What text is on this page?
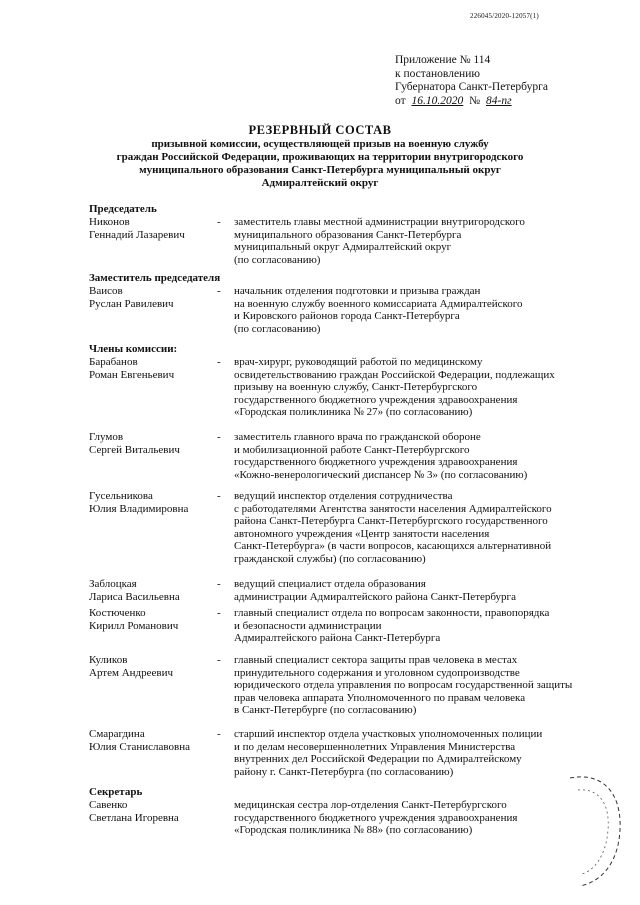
226045/2020-12057(1)
Приложение № 114
к постановлению
Губернатора Санкт-Петербурга
от 16.10.2020 № 84-пг
РЕЗЕРВНЫЙ СОСТАВ
призывной комиссии, осуществляющей призыв на военную службу
граждан Российской Федерации, проживающих на территории внутригородского
муниципального образования Санкт-Петербурга муниципальный округ
Адмиралтейский округ
Председатель
Никонов
Геннадий Лазаревич
- заместитель главы местной администрации внутригородского
муниципального образования Санкт-Петербурга
муниципальный округ Адмиралтейский округ
(по согласованию)
Заместитель председателя
Ваисов
Руслан Равилевич
- начальник отделения подготовки и призыва граждан
на военную службу военного комиссариата Адмиралтейского
и Кировского районов города Санкт-Петербурга
(по согласованию)
Члены комиссии:
Барабанов
Роман Евгеньевич
- врач-хирург, руководящий работой по медицинскому
освидетельствованию граждан Российской Федерации, подлежащих
призыву на военную службу, Санкт-Петербургского
государственного бюджетного учреждения здравоохранения
«Городская поликлиника № 27» (по согласованию)
Глумов
Сергей Витальевич
- заместитель главного врача по гражданской обороне
и мобилизационной работе Санкт-Петербургского
государственного бюджетного учреждения здравоохранения
«Кожно-венерологический диспансер № 3» (по согласованию)
Гусельникова
Юлия Владимировна
- ведущий инспектор отделения сотрудничества
с работодателями Агентства занятости населения Адмиралтейского
района Санкт-Петербурга Санкт-Петербургского государственного
автономного учреждения «Центр занятости населения
Санкт-Петербурга» (в части вопросов, касающихся альтернативной
гражданской службы) (по согласованию)
Заблоцкая
Лариса Васильевна
- ведущий специалист отдела образования
администрации Адмиралтейского района Санкт-Петербурга
Костюченко
Кирилл Романович
- главный специалист отдела по вопросам законности, правопорядка
и безопасности администрации
Адмиралтейского района Санкт-Петербурга
Куликов
Артем Андреевич
- главный специалист сектора защиты прав человека в местах
принудительного содержания и уголовном судопроизводстве
юридического отдела управления по вопросам государственной защиты
прав человека аппарата Уполномоченного по правам человека
в Санкт-Петербурге (по согласованию)
Смарагдина
Юлия Станиславовна
- старший инспектор отдела участковых уполномоченных полиции
и по делам несовершеннолетних Управления Министерства
внутренних дел Российской Федерации по Адмиралтейскому
району г. Санкт-Петербурга (по согласованию)
Секретарь
Савенко
Светлана Игоревна
медицинская сестра лор-отделения Санкт-Петербургского
государственного бюджетного учреждения здравоохранения
«Городская поликлиника № 88» (по согласованию)
